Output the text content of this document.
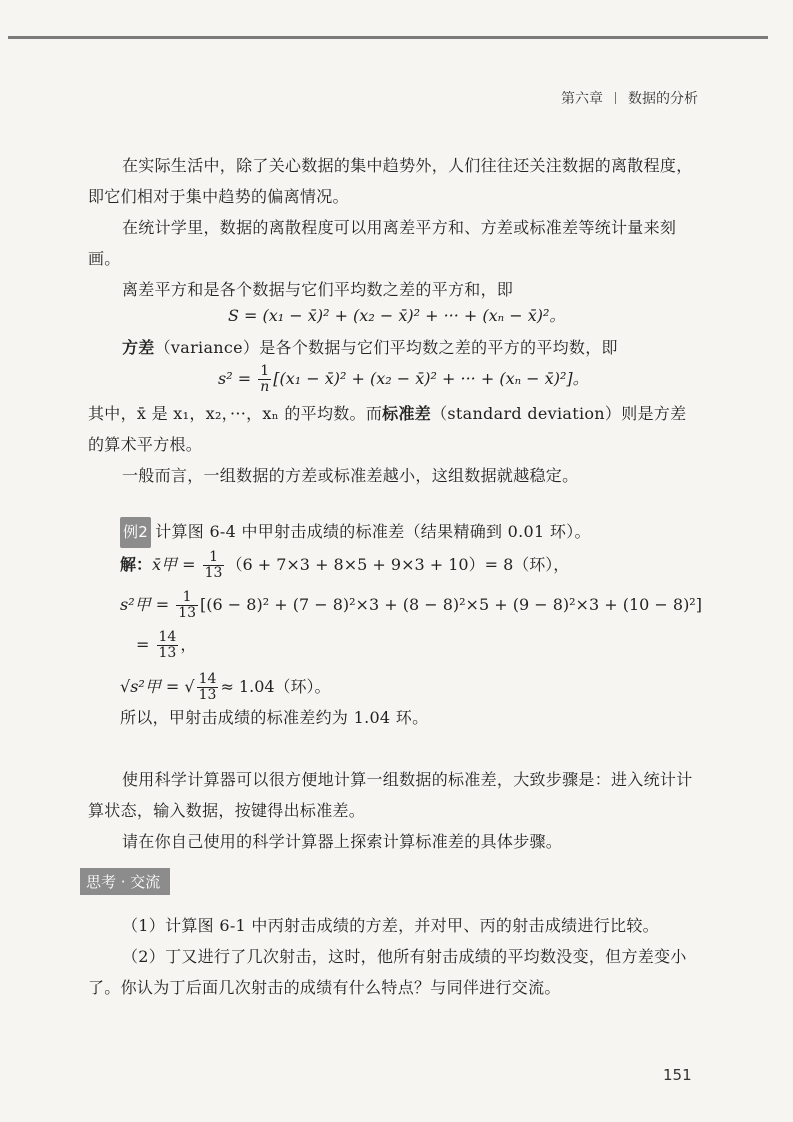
第六章 数据的分析
在实际生活中，除了关心数据的集中趋势外，人们往往还关注数据的离散程度，即它们相对于集中趋势的偏离情况。
在统计学里，数据的离散程度可以用离差平方和、方差或标准差等统计量来刻画。
离差平方和是各个数据与它们平均数之差的平方和，即
S = (x₁ − x̄)² + (x₂ − x̄)² + ··· + (xₙ − x̄)²。
方差（variance）是各个数据与它们平均数之差的平方的平均数，即
$s^2 = \frac{1}{n} [(x_1$ − x̄)² + (x₂ − x̄)² + ··· + (xₙ − x̄)²]。
其中，x̄ 是 x₁，x₂，···，xₙ 的平均数。而标准差（standard deviation）则是方差的算术平方根。
一般而言，一组数据的方差或标准差越小，这组数据就越稳定。
例2 计算图 6-4 中甲射击成绩的标准差（结果精确到 0.01 环）。
解：x̄甲 = $\frac{1}{13} (6 + 7\times 3 + 8\times 5 + 9\times 3 + 10)= 8$（环），
s²甲 = $\frac{1}{13} [(6 - 8)^2 + (7 - 8)^2\times 3 + (8 - 8)^2\times 5 + (9 - 8)^2\times 3 + (10 - 8)^2]$
= $\frac{14}{13}$ ，
√s²甲 = √ $\frac{14}{13} \approx 1.04$（环）。
所以，甲射击成绩的标准差约为 1.04 环。
使用科学计算器可以很方便地计算一组数据的标准差，大致步骤是：进入统计计算状态，输入数据，按键得出标准差。
请在你自己使用的科学计算器上探索计算标准差的具体步骤。
思考 · 交流
（1）计算图 6-1 中丙射击成绩的方差，并对甲、丙的射击成绩进行比较。
（2）丁又进行了几次射击，这时，他所有射击成绩的平均数没变，但方差变小了。你认为丁后面几次射击的成绩有什么特点？与同伴进行交流。
151
